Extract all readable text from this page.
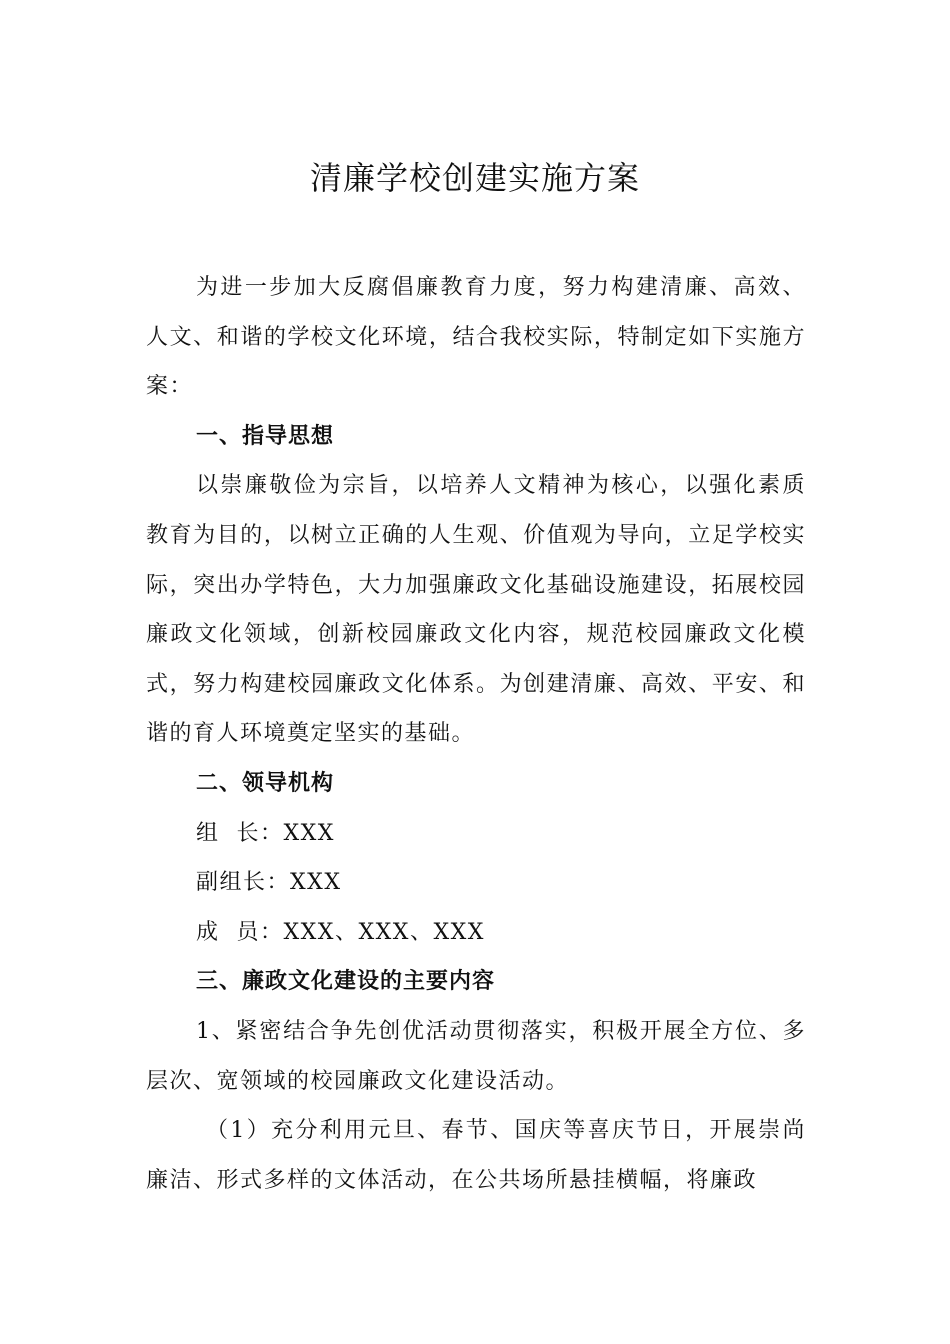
清廉学校创建实施方案

为进一步加大反腐倡廉教育力度，努力构建清廉、高效、人文、和谐的学校文化环境，结合我校实际，特制定如下实施方案：

一、指导思想

以崇廉敬俭为宗旨，以培养人文精神为核心，以强化素质教育为目的，以树立正确的人生观、价值观为导向，立足学校实际，突出办学特色，大力加强廉政文化基础设施建设，拓展校园廉政文化领域，创新校园廉政文化内容，规范校园廉政文化模式，努力构建校园廉政文化体系。为创建清廉、高效、平安、和谐的育人环境奠定坚实的基础。

二、领导机构

组  长：XXX

副组长：XXX

成  员：XXX、XXX、XXX

三、廉政文化建设的主要内容

1、紧密结合争先创优活动贯彻落实，积极开展全方位、多层次、宽领域的校园廉政文化建设活动。

（1）充分利用元旦、春节、国庆等喜庆节日，开展崇尚廉洁、形式多样的文体活动，在公共场所悬挂横幅，将廉政
